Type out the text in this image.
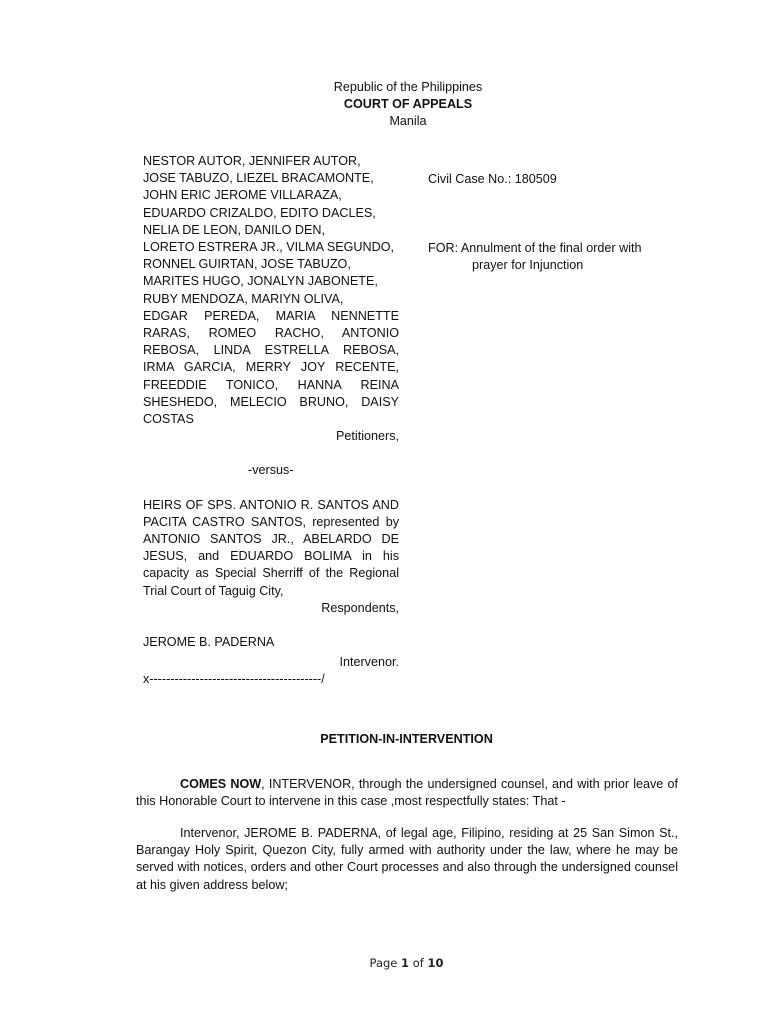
Republic of the Philippines
COURT OF APPEALS
Manila
NESTOR AUTOR, JENNIFER AUTOR,
JOSE TABUZO, LIEZEL BRACAMONTE,
JOHN ERIC JEROME VILLARAZA,
EDUARDO CRIZALDO, EDITO DACLES,
NELIA DE LEON, DANILO DEN,
LORETO ESTRERA JR., VILMA SEGUNDO,
RONNEL GUIRTAN, JOSE TABUZO,
MARITES HUGO, JONALYN JABONETE,
RUBY MENDOZA, MARIYN OLIVA,
EDGAR PEREDA, MARIA NENNETTE RARAS, ROMEO RACHO, ANTONIO REBOSA, LINDA ESTRELLA REBOSA, IRMA GARCIA, MERRY JOY RECENTE, FREEDDIE TONICO, HANNA REINA SHESHEDO, MELECIO BRUNO, DAISY COSTAS
Petitioners,
-versus-
HEIRS OF SPS. ANTONIO R. SANTOS AND PACITA CASTRO SANTOS, represented by ANTONIO SANTOS JR., ABELARDO DE JESUS, and EDUARDO BOLIMA in his capacity as Special Sherriff of the Regional Trial Court of Taguig City,
Respondents,
JEROME B. PADERNA
Intervenor.
x-----------------------------------------/
Civil Case No.: 180509
FOR: Annulment of the final order with
prayer for Injunction
PETITION-IN-INTERVENTION
COMES NOW, INTERVENOR, through the undersigned counsel, and with prior leave of this Honorable Court to intervene in this case ,most respectfully states: That -
Intervenor, JEROME B. PADERNA, of legal age, Filipino, residing at 25 San Simon St., Barangay Holy Spirit, Quezon City, fully armed with authority under the law, where he may be served with notices, orders and other Court processes and also through the undersigned counsel at his given address below;
Page 1 of 10
